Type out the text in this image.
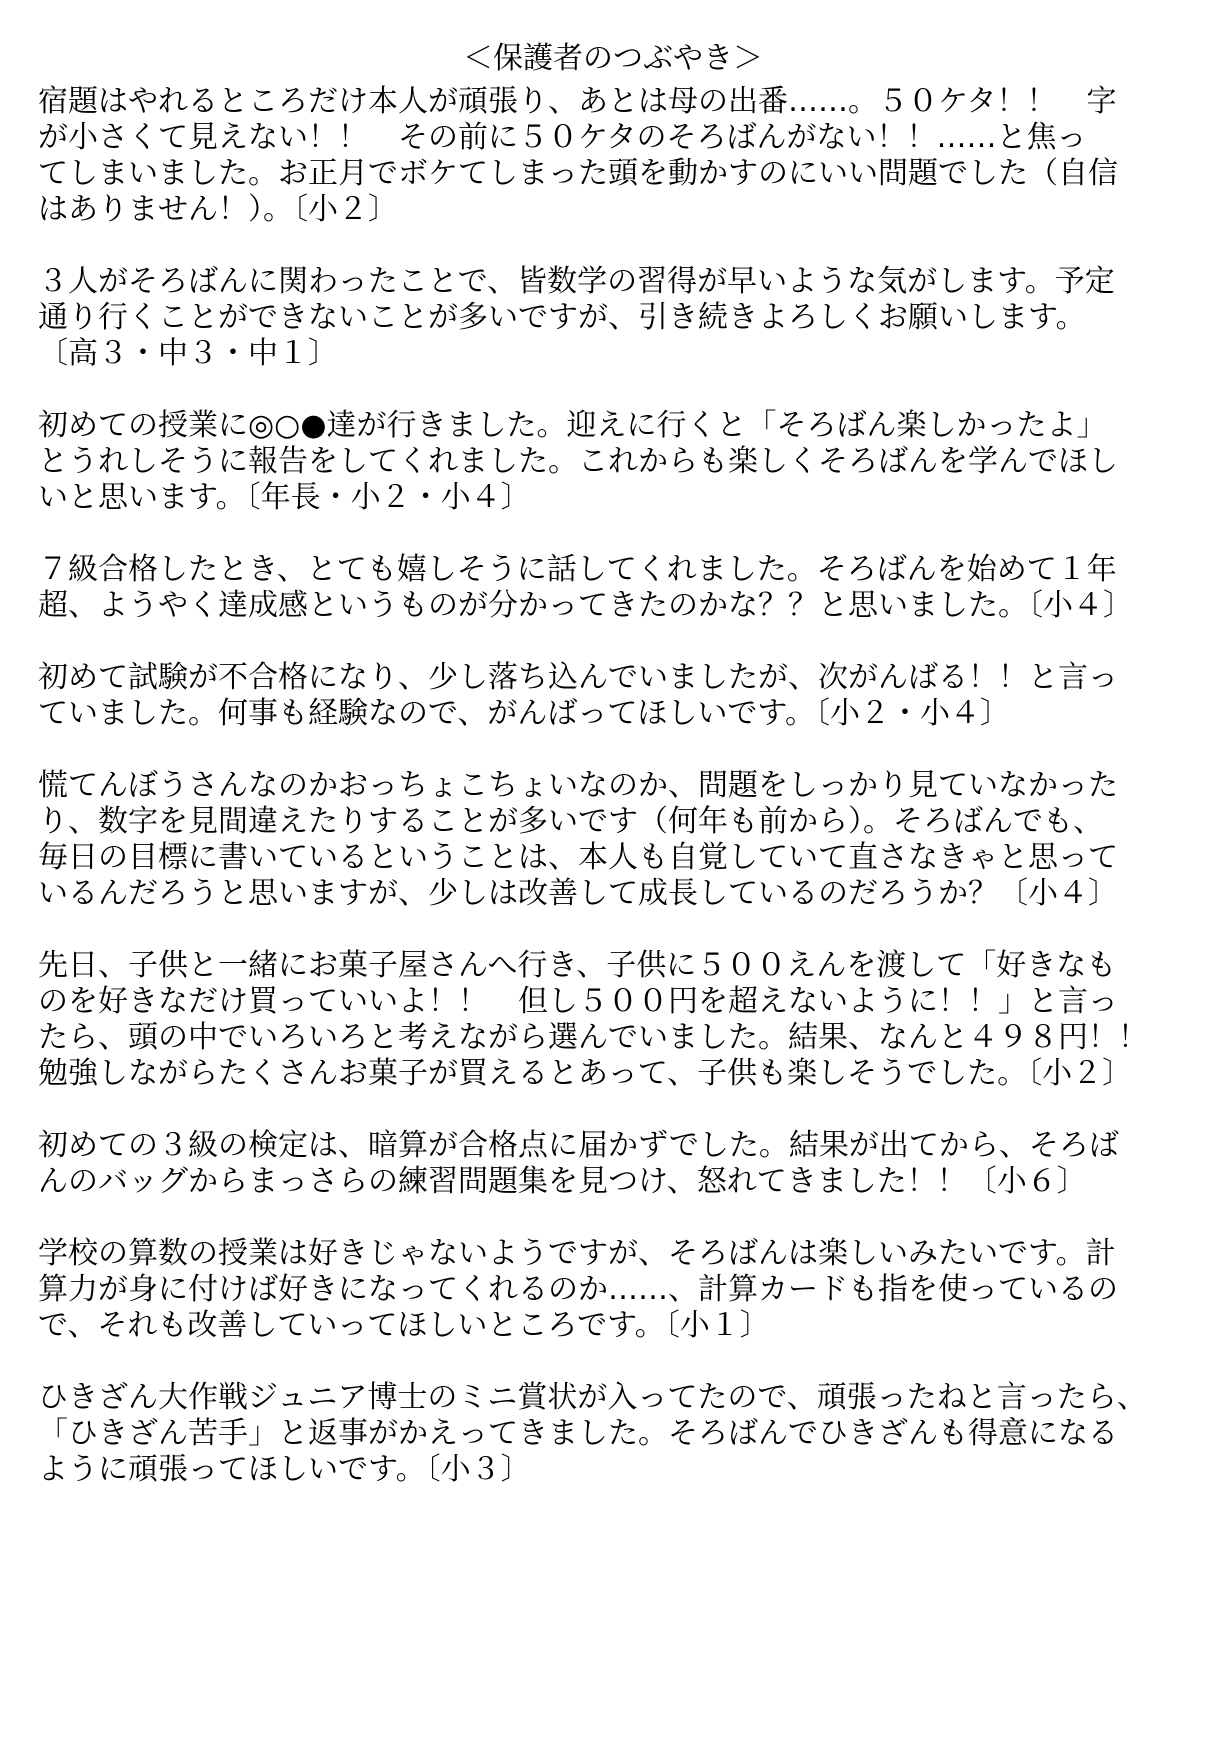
＜保護者のつぶやき＞
宿題はやれるところだけ本人が頑張り、あとは母の出番……。５０ケタ！！　字
が小さくて見えない！！　その前に５０ケタのそろばんがない！！……と焦っ
てしまいました。お正月でボケてしまった頭を動かすのにいい問題でした（自信
はありません！）。〔小２〕
３人がそろばんに関わったことで、皆数学の習得が早いような気がします。予定
通り行くことができないことが多いですが、引き続きよろしくお願いします。
〔高３・中３・中１〕
初めての授業に◎○●達が行きました。迎えに行くと「そろばん楽しかったよ」
とうれしそうに報告をしてくれました。これからも楽しくそろばんを学んでほし
いと思います。〔年長・小２・小４〕
７級合格したとき、とても嬉しそうに話してくれました。そろばんを始めて１年
超、ようやく達成感というものが分かってきたのかな？？と思いました。〔小４〕
初めて試験が不合格になり、少し落ち込んでいましたが、次がんばる！！と言っ
ていました。何事も経験なので、がんばってほしいです。〔小２・小４〕
慌てんぼうさんなのかおっちょこちょいなのか、問題をしっかり見ていなかった
り、数字を見間違えたりすることが多いです（何年も前から）。そろばんでも、
毎日の目標に書いているということは、本人も自覚していて直さなきゃと思って
いるんだろうと思いますが、少しは改善して成長しているのだろうか？〔小４〕
先日、子供と一緒にお菓子屋さんへ行き、子供に５００えんを渡して「好きなも
のを好きなだけ買っていいよ！！　但し５００円を超えないように！！」と言っ
たら、頭の中でいろいろと考えながら選んでいました。結果、なんと４９８円！！
勉強しながらたくさんお菓子が買えるとあって、子供も楽しそうでした。〔小２〕
初めての３級の検定は、暗算が合格点に届かずでした。結果が出てから、そろば
んのバッグからまっさらの練習問題集を見つけ、怒れてきました！！〔小６〕
学校の算数の授業は好きじゃないようですが、そろばんは楽しいみたいです。計
算力が身に付けば好きになってくれるのか……、計算カードも指を使っているの
で、それも改善していってほしいところです。〔小１〕
ひきざん大作戦ジュニア博士のミニ賞状が入ってたので、頑張ったねと言ったら、
「ひきざん苦手」と返事がかえってきました。そろばんでひきざんも得意になる
ように頑張ってほしいです。〔小３〕
